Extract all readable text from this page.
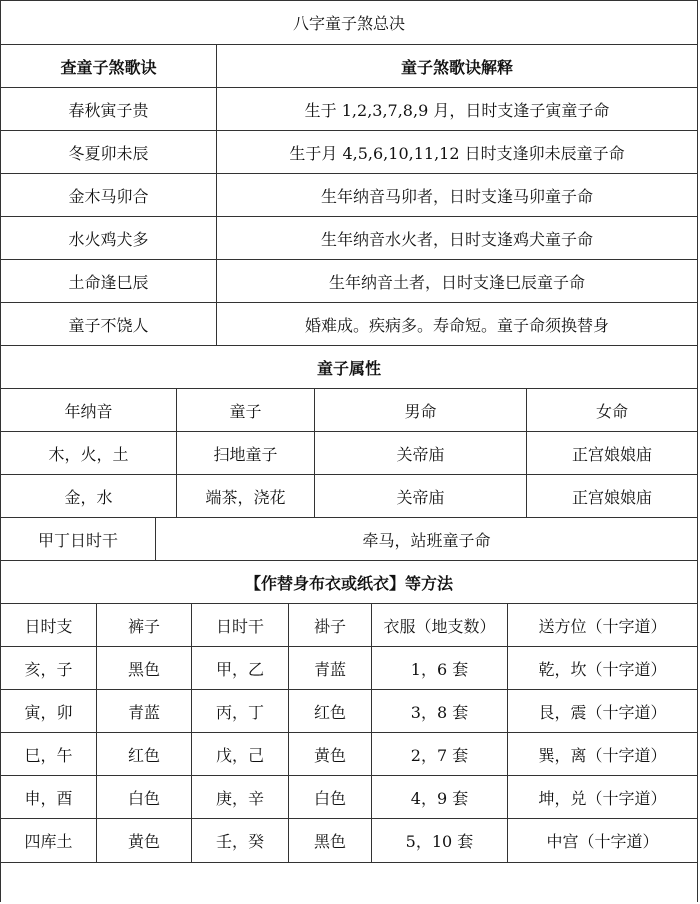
八字童子煞总决
查童子煞歌诀	童子煞歌诀解释
春秋寅子贵	生于 1,2,3,7,8,9 月，日时支逢子寅童子命
冬夏卯未辰	生于月 4,5,6,10,11,12 日时支逢卯未辰童子命
金木马卯合	生年纳音马卯者，日时支逢马卯童子命
水火鸡犬多	生年纳音水火者，日时支逢鸡犬童子命
土命逢巳辰	生年纳音土者，日时支逢巳辰童子命
童子不饶人	婚难成。疾病多。寿命短。童子命须换替身
童子属性
年纳音	童子	男命	女命
木，火，土	扫地童子	关帝庙	正宫娘娘庙
金，水	端茶，浇花	关帝庙	正宫娘娘庙
甲丁日时干	牵马，站班童子命
【作替身布衣或纸衣】等方法
日时支	裤子	日时干	褂子	衣服（地支数）	送方位（十字道）
亥，子	黑色	甲，乙	青蓝	1，6 套	乾，坎（十字道）
寅，卯	青蓝	丙，丁	红色	3，8 套	艮，震（十字道）
巳，午	红色	戊，己	黄色	2，7 套	巽，离（十字道）
申，酉	白色	庚，辛	白色	4，9 套	坤，兑（十字道）
四库土	黄色	壬，癸	黑色	5，10 套	中宫（十字道）
